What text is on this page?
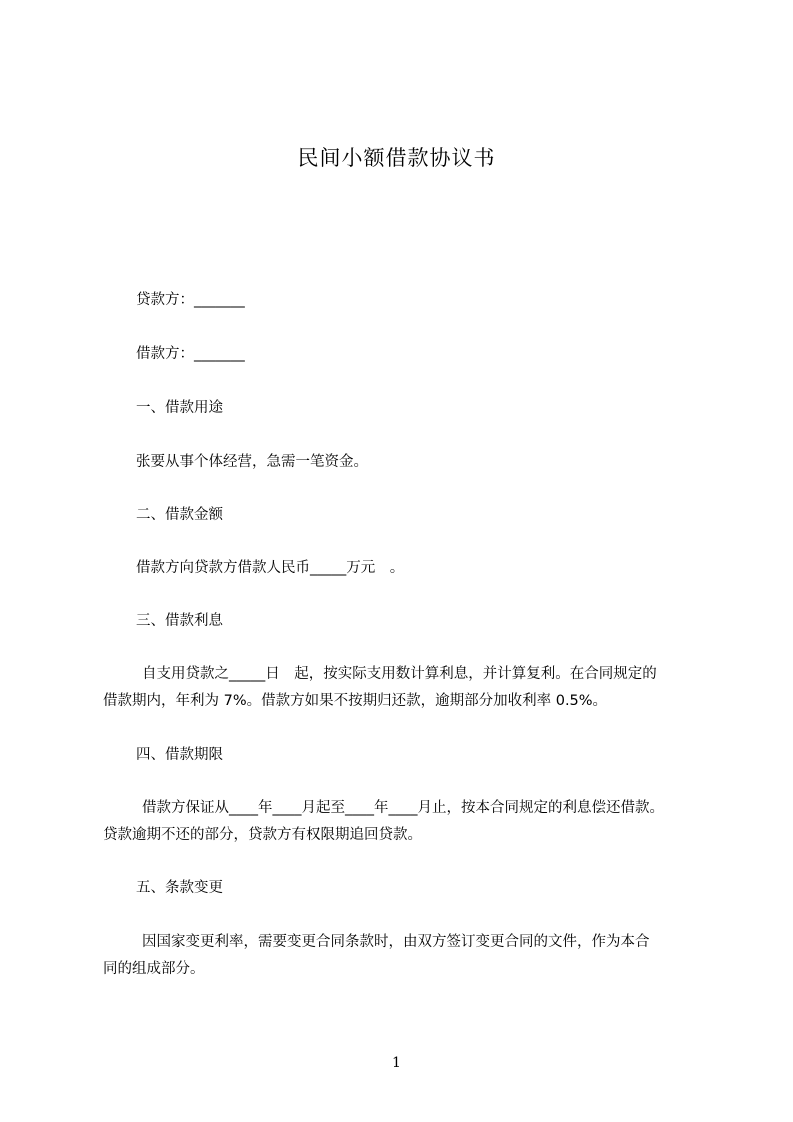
民间小额借款协议书
贷款方：_______
借款方：_______
一、借款用途
张要从事个体经营，急需一笔资金。
二、借款金额
借款方向贷款方借款人民币_____万元　。
三、借款利息
自支用贷款之_____日　起，按实际支用数计算利息，并计算复利。在合同规定的
借款期内，年利为 7%。借款方如果不按期归还款，逾期部分加收利率 0.5%。
四、借款期限
借款方保证从____年____月起至____年____月止，按本合同规定的利息偿还借款。
贷款逾期不还的部分，贷款方有权限期追回贷款。
五、条款变更
因国家变更利率，需要变更合同条款时，由双方签订变更合同的文件，作为本合
同的组成部分。
1
